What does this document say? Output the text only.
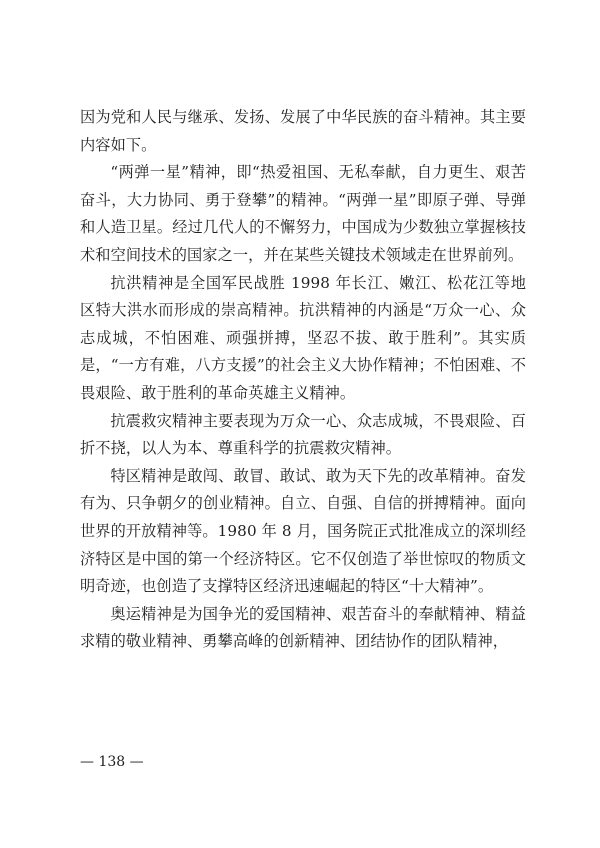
因为党和人民与继承、发扬、发展了中华民族的奋斗精神。其主要内容如下。

“两弹一星”精神，即“热爱祖国、无私奉献，自力更生、艰苦奋斗，大力协同、勇于登攀”的精神。“两弹一星”即原子弹、导弹和人造卫星。经过几代人的不懈努力，中国成为少数独立掌握核技术和空间技术的国家之一，并在某些关键技术领域走在世界前列。

抗洪精神是全国军民战胜 1998 年长江、嫩江、松花江等地区特大洪水而形成的崇高精神。抗洪精神的内涵是“万众一心、众志成城，不怕困难、顽强拼搏，坚忍不拔、敢于胜利”。其实质是，“一方有难，八方支援”的社会主义大协作精神；不怕困难、不畏艰险、敢于胜利的革命英雄主义精神。

抗震救灾精神主要表现为万众一心、众志成城，不畏艰险、百折不挠，以人为本、尊重科学的抗震救灾精神。

特区精神是敢闯、敢冒、敢试、敢为天下先的改革精神。奋发有为、只争朝夕的创业精神。自立、自强、自信的拼搏精神。面向世界的开放精神等。1980 年 8 月，国务院正式批准成立的深圳经济特区是中国的第一个经济特区。它不仅创造了举世惊叹的物质文明奇迹，也创造了支撑特区经济迅速崛起的特区“十大精神”。

奥运精神是为国争光的爱国精神、艰苦奋斗的奉献精神、精益求精的敬业精神、勇攀高峰的创新精神、团结协作的团队精神，

— 138 —
